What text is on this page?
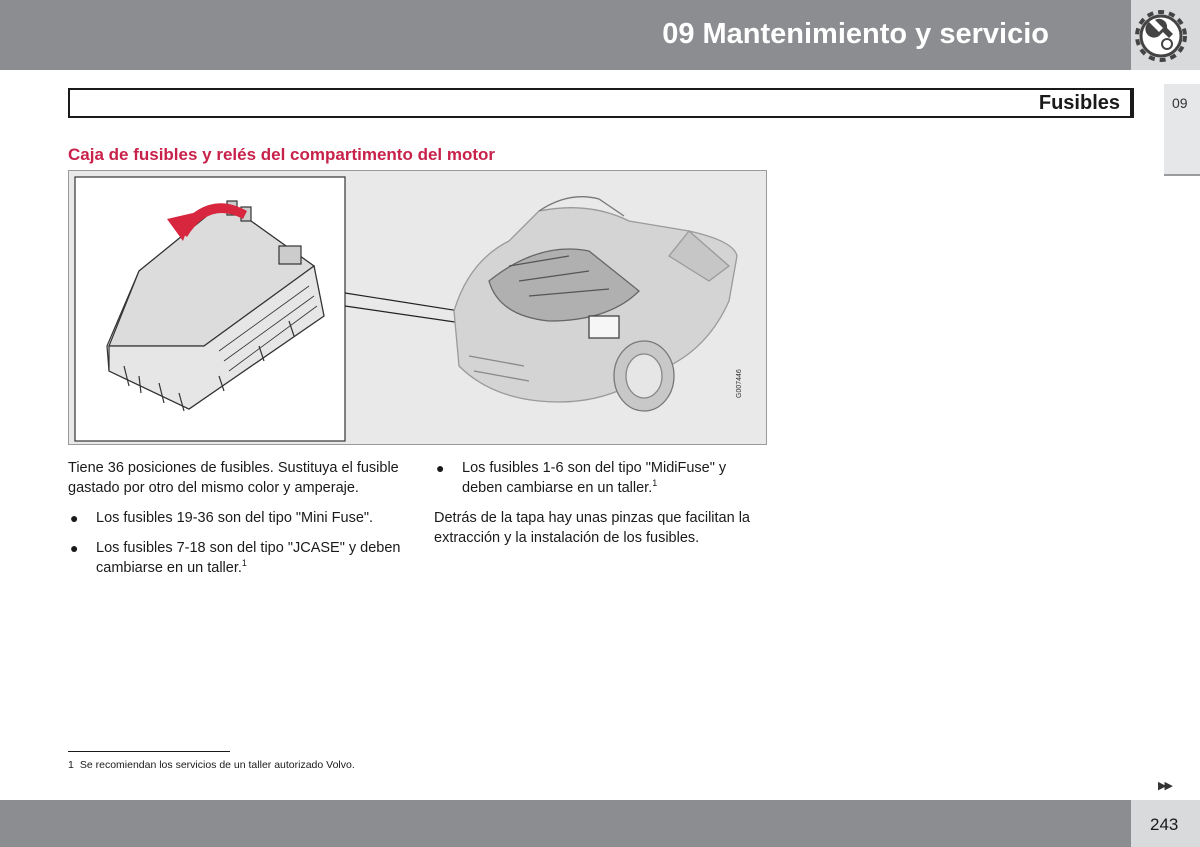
09 Mantenimiento y servicio
09
Fusibles
Caja de fusibles y relés del compartimento del motor
G007446

Tiene 36 posiciones de fusibles. Sustituya el fusible gastado por otro del mismo color y amperaje.

● Los fusibles 19-36 son del tipo "Mini Fuse".
● Los fusibles 7-18 son del tipo "JCASE" y deben cambiarse en un taller.$^1$
● Los fusibles 1-6 son del tipo "MidiFuse" y deben cambiarse en un taller.$^1$

Detrás de la tapa hay unas pinzas que facilitan la extracción y la instalación de los fusibles.

1 Se recomiendan los servicios de un taller autorizado Volvo.
▶▶
243
